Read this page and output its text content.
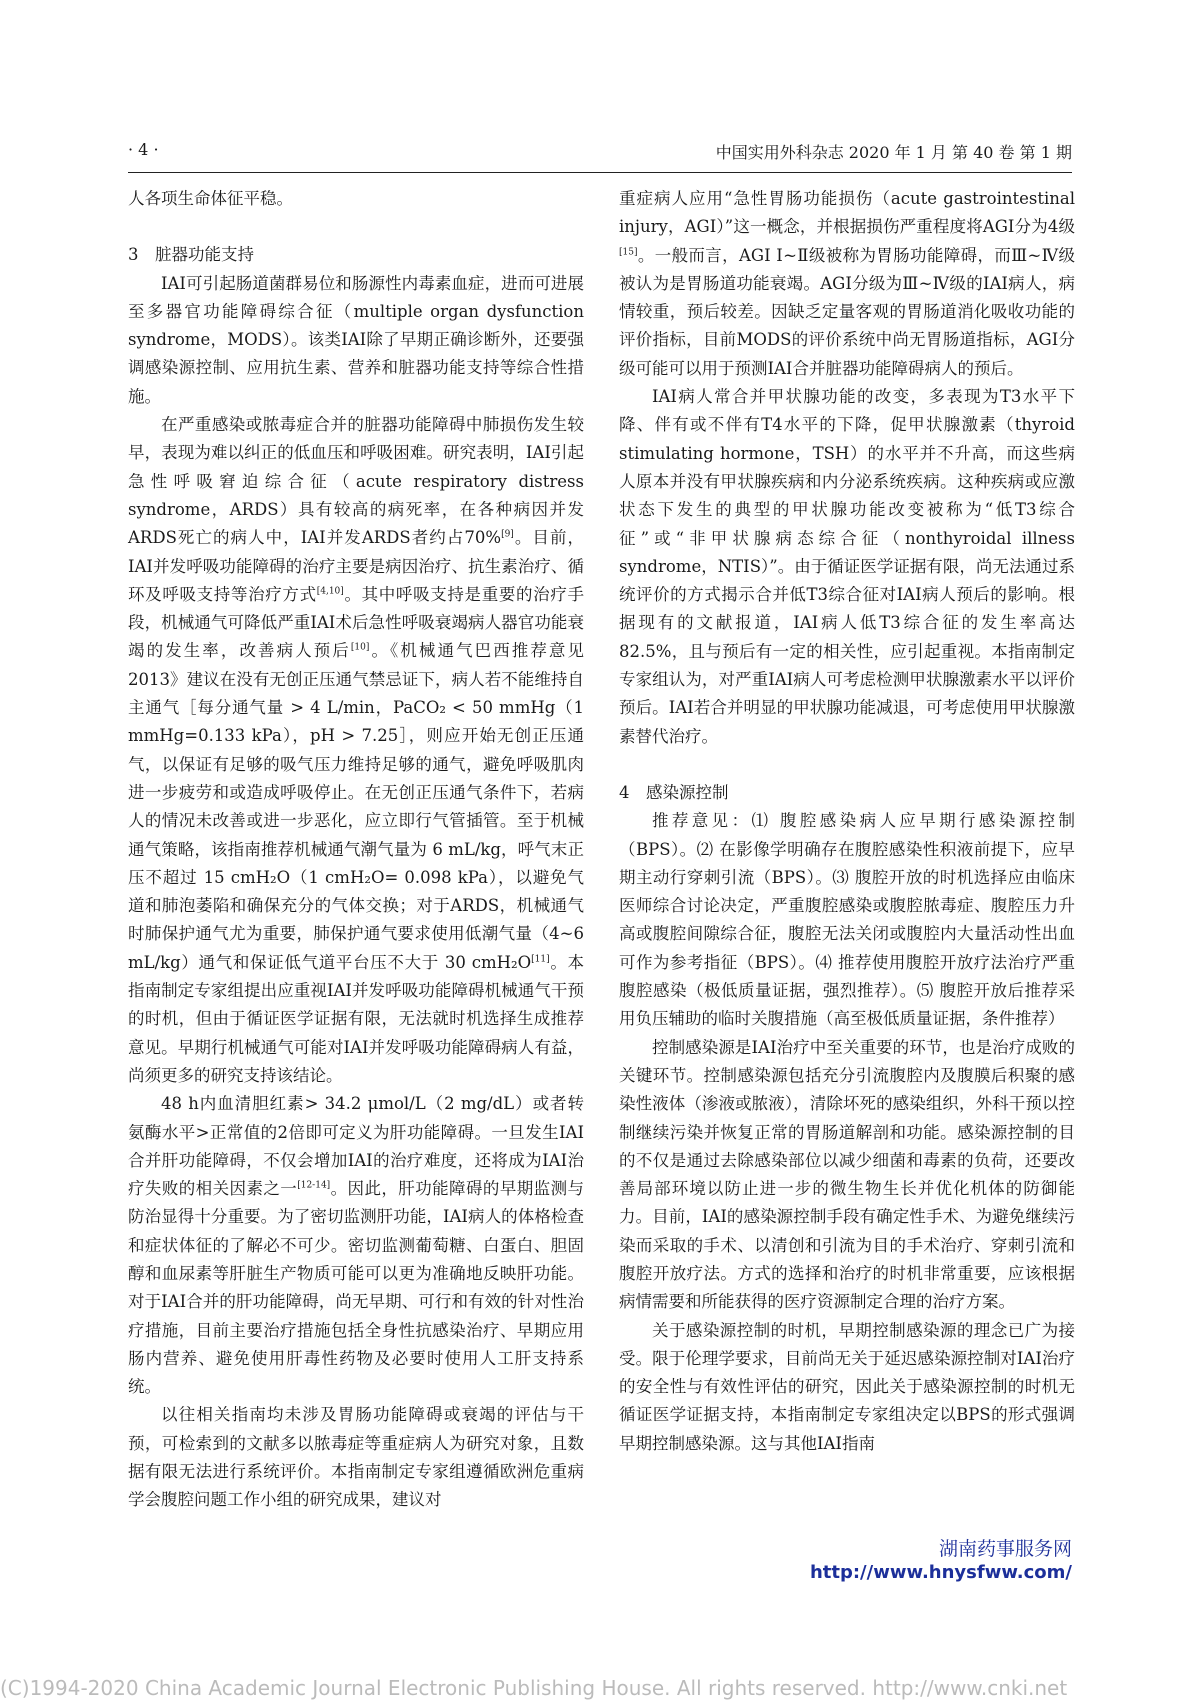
· 4 ·	中国实用外科杂志 2020 年 1 月 第 40 卷 第 1 期

人各项生命体征平稳。

3　脏器功能支持

IAI可引起肠道菌群易位和肠源性内毒素血症，进而可进展至多器官功能障碍综合征（multiple organ dysfunction syndrome，MODS）。该类IAI除了早期正确诊断外，还要强调感染源控制、应用抗生素、营养和脏器功能支持等综合性措施。

在严重感染或脓毒症合并的脏器功能障碍中肺损伤发生较早，表现为难以纠正的低血压和呼吸困难。研究表明，IAI引起急性呼吸窘迫综合征（acute respiratory distress syndrome，ARDS）具有较高的病死率，在各种病因并发ARDS死亡的病人中，IAI并发ARDS者约占70%[9]。目前，IAI并发呼吸功能障碍的治疗主要是病因治疗、抗生素治疗、循环及呼吸支持等治疗方式[4,10]。其中呼吸支持是重要的治疗手段，机械通气可降低严重IAI术后急性呼吸衰竭病人器官功能衰竭的发生率，改善病人预后[10]。《机械通气巴西推荐意见 2013》建议在没有无创正压通气禁忌证下，病人若不能维持自主通气［每分通气量 > 4 L/min，PaCO₂ < 50 mmHg（1 mmHg=0.133 kPa），pH > 7.25］，则应开始无创正压通气，以保证有足够的吸气压力维持足够的通气，避免呼吸肌肉进一步疲劳和或造成呼吸停止。在无创正压通气条件下，若病人的情况未改善或进一步恶化，应立即行气管插管。至于机械通气策略，该指南推荐机械通气潮气量为 6 mL/kg，呼气末正压不超过 15 cmH₂O（1 cmH₂O= 0.098 kPa），以避免气道和肺泡萎陷和确保充分的气体交换；对于ARDS，机械通气时肺保护通气尤为重要，肺保护通气要求使用低潮气量（4~6 mL/kg）通气和保证低气道平台压不大于 30 cmH₂O[11]。本指南制定专家组提出应重视IAI并发呼吸功能障碍机械通气干预的时机，但由于循证医学证据有限，无法就时机选择生成推荐意见。早期行机械通气可能对IAI并发呼吸功能障碍病人有益，尚须更多的研究支持该结论。

48 h内血清胆红素> 34.2 μmol/L（2 mg/dL）或者转氨酶水平>正常值的2倍即可定义为肝功能障碍。一旦发生IAI合并肝功能障碍，不仅会增加IAI的治疗难度，还将成为IAI治疗失败的相关因素之一[12-14]。因此，肝功能障碍的早期监测与防治显得十分重要。为了密切监测肝功能，IAI病人的体格检查和症状体征的了解必不可少。密切监测葡萄糖、白蛋白、胆固醇和血尿素等肝脏生产物质可能可以更为准确地反映肝功能。对于IAI合并的肝功能障碍，尚无早期、可行和有效的针对性治疗措施，目前主要治疗措施包括全身性抗感染治疗、早期应用肠内营养、避免使用肝毒性药物及必要时使用人工肝支持系统。

以往相关指南均未涉及胃肠功能障碍或衰竭的评估与干预，可检索到的文献多以脓毒症等重症病人为研究对象，且数据有限无法进行系统评价。本指南制定专家组遵循欧洲危重病学会腹腔问题工作小组的研究成果，建议对

重症病人应用“急性胃肠功能损伤（acute gastrointestinal injury，AGI）”这一概念，并根据损伤严重程度将AGI分为4级[15]。一般而言，AGI Ⅰ~Ⅱ级被称为胃肠功能障碍，而Ⅲ~Ⅳ级被认为是胃肠道功能衰竭。AGI分级为Ⅲ~Ⅳ级的IAI病人，病情较重，预后较差。因缺乏定量客观的胃肠道消化吸收功能的评价指标，目前MODS的评价系统中尚无胃肠道指标，AGI分级可能可以用于预测IAI合并脏器功能障碍病人的预后。

IAI病人常合并甲状腺功能的改变，多表现为T3水平下降、伴有或不伴有T4水平的下降，促甲状腺激素（thyroid stimulating hormone，TSH）的水平并不升高，而这些病人原本并没有甲状腺疾病和内分泌系统疾病。这种疾病或应激状态下发生的典型的甲状腺功能改变被称为“低T3综合征”或“非甲状腺病态综合征（nonthyroidal illness syndrome，NTIS）”。由于循证医学证据有限，尚无法通过系统评价的方式揭示合并低T3综合征对IAI病人预后的影响。根据现有的文献报道，IAI病人低T3综合征的发生率高达82.5%，且与预后有一定的相关性，应引起重视。本指南制定专家组认为，对严重IAI病人可考虑检测甲状腺激素水平以评价预后。IAI若合并明显的甲状腺功能减退，可考虑使用甲状腺激素替代治疗。

4　感染源控制

推荐意见：⑴ 腹腔感染病人应早期行感染源控制（BPS）。⑵ 在影像学明确存在腹腔感染性积液前提下，应早期主动行穿刺引流（BPS）。⑶ 腹腔开放的时机选择应由临床医师综合讨论决定，严重腹腔感染或腹腔脓毒症、腹腔压力升高或腹腔间隙综合征，腹腔无法关闭或腹腔内大量活动性出血可作为参考指征（BPS）。⑷ 推荐使用腹腔开放疗法治疗严重腹腔感染（极低质量证据，强烈推荐）。⑸ 腹腔开放后推荐采用负压辅助的临时关腹措施（高至极低质量证据，条件推荐）

控制感染源是IAI治疗中至关重要的环节，也是治疗成败的关键环节。控制感染源包括充分引流腹腔内及腹膜后积聚的感染性液体（渗液或脓液），清除坏死的感染组织，外科干预以控制继续污染并恢复正常的胃肠道解剖和功能。感染源控制的目的不仅是通过去除感染部位以减少细菌和毒素的负荷，还要改善局部环境以防止进一步的微生物生长并优化机体的防御能力。目前，IAI的感染源控制手段有确定性手术、为避免继续污染而采取的手术、以清创和引流为目的手术治疗、穿刺引流和腹腔开放疗法。方式的选择和治疗的时机非常重要，应该根据病情需要和所能获得的医疗资源制定合理的治疗方案。

关于感染源控制的时机，早期控制感染源的理念已广为接受。限于伦理学要求，目前尚无关于延迟感染源控制对IAI治疗的安全性与有效性评估的研究，因此关于感染源控制的时机无循证医学证据支持，本指南制定专家组决定以BPS的形式强调早期控制感染源。这与其他IAI指南

湖南药事服务网
http://www.hnysfww.com/
(C)1994-2020 China Academic Journal Electronic Publishing House. All rights reserved. http://www.cnki.net
